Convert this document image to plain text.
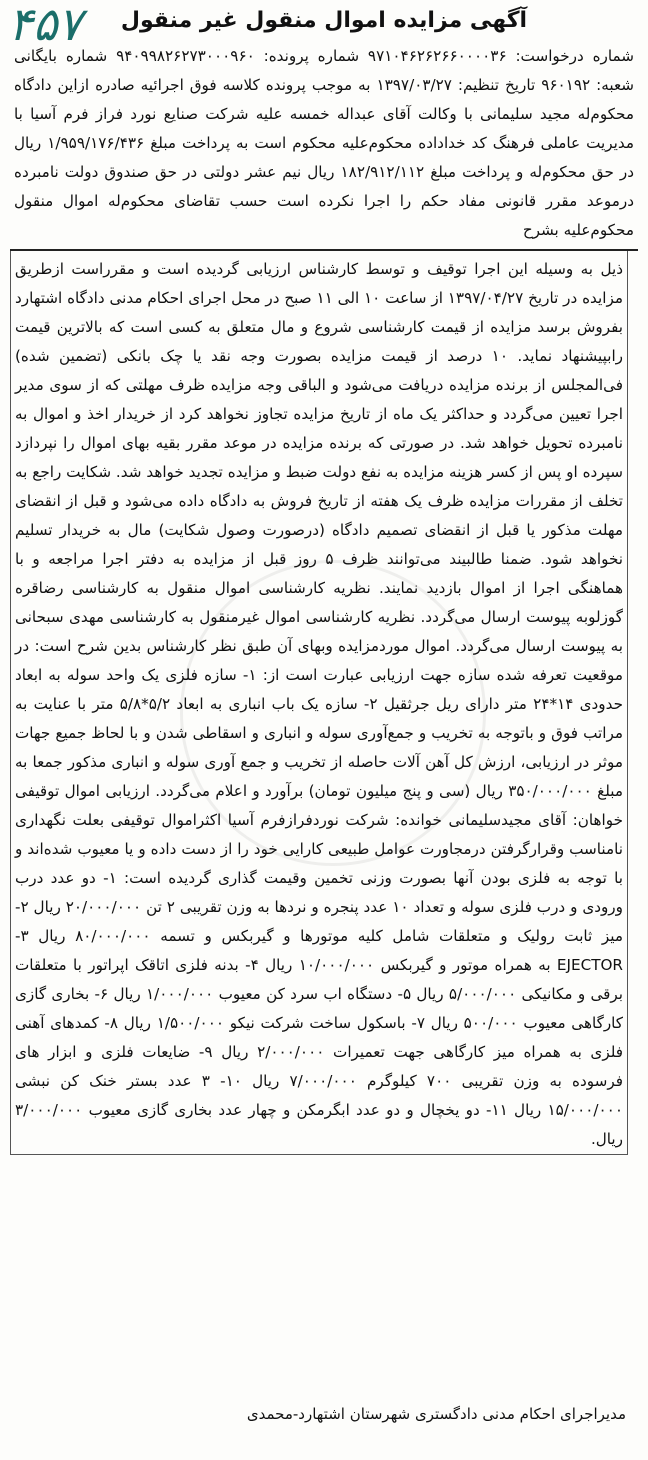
۴۵۷	آگهی مزایده اموال منقول غیر منقول

شماره درخواست: ۹۷۱۰۴۶۲۶۲۶۶۰۰۰۰۳۶ شماره پرونده: ۹۴۰۹۹۸۲۶۲۷۳۰۰۰۹۶۰ شماره بایگانی شعبه: ۹۶۰۱۹۲ تاریخ تنظیم: ۱۳۹۷/۰۳/۲۷ به موجب پرونده کلاسه فوق اجرائیه صادره ازاین دادگاه محکوم‌له مجید سلیمانی با وکالت آقای عبداله خمسه علیه شرکت صنایع نورد فراز فرم آسیا با مدیریت عاملی فرهنگ کد خداداده محکوم‌علیه محکوم است به پرداخت مبلغ ۱/۹۵۹/۱۷۶/۴۳۶ ریال در حق محکوم‌له و پرداخت مبلغ ۱۸۲/۹۱۲/۱۱۲ ریال نیم عشر دولتی در حق صندوق دولت نامبرده درموعد مقرر قانونی مفاد حکم را اجرا نکرده است حسب تقاضای محکوم‌له اموال منقول محکوم‌علیه بشرح

ذیل به وسیله این اجرا توقیف و توسط کارشناس ارزیابی گردیده است و مقرراست ازطریق مزایده در تاریخ ۱۳۹۷/۰۴/۲۷ از ساعت ۱۰ الی ۱۱ صبح در محل اجرای احکام مدنی دادگاه اشتهارد بفروش برسد مزایده از قیمت کارشناسی شروع و مال متعلق به کسی است که بالاترین قیمت رابپیشنهاد نماید. ۱۰ درصد از قیمت مزایده بصورت وجه نقد یا چک بانکی (تضمین شده) فی‌المجلس از برنده مزایده دریافت می‌شود و الباقی وجه مزایده ظرف مهلتی که از سوی مدیر اجرا تعیین می‌گردد و حداکثر یک ماه از تاریخ مزایده تجاوز نخواهد کرد از خریدار اخذ و اموال به نامبرده تحویل خواهد شد. در صورتی که برنده مزایده در موعد مقرر بقیه بهای اموال را نپردازد سپرده او پس از کسر هزینه مزایده به نفع دولت ضبط و مزایده تجدید خواهد شد. شکایت راجع به تخلف از مقررات مزایده ظرف یک هفته از تاریخ فروش به دادگاه داده می‌شود و قبل از انقضای مهلت مذکور یا قبل از انقضای تصمیم دادگاه (درصورت وصول شکایت) مال به خریدار تسلیم نخواهد شود. ضمنا طالبیند می‌توانند ظرف ۵ روز قبل از مزایده به دفتر اجرا مراجعه و با هماهنگی اجرا از اموال بازدید نمایند. نظریه کارشناسی اموال منقول به کارشناسی رضاقره گوزلوبه پیوست ارسال می‌گردد. نظریه کارشناسی اموال غیرمنقول به کارشناسی مهدی سبحانی به پیوست ارسال می‌گردد. اموال موردمزایده وبهای آن طبق نظر کارشناس بدین شرح است: در موقعیت تعرفه شده سازه جهت ارزیابی عبارت است از: ۱- سازه فلزی یک واحد سوله به ابعاد حدودی ۱۴*۲۴ متر دارای ریل جرثقیل ۲- سازه یک باب انباری به ابعاد ۵/۲*۵/۸ متر با عنایت به مراتب فوق و باتوجه به تخریب و جمع‌آوری سوله و انباری و اسقاطی شدن و با لحاظ جمیع جهات موثر در ارزیابی، ارزش کل آهن آلات حاصله از تخریب و جمع آوری سوله و انباری مذکور جمعا به مبلغ ۳۵۰/۰۰۰/۰۰۰ ریال (سی و پنج میلیون تومان) برآورد و اعلام می‌گردد. ارزیابی اموال توقیفی خواهان: آقای مجیدسلیمانی خوانده: شرکت نوردفرازفرم آسیا اکثراموال توقیفی بعلت نگهداری نامناسب وقرارگرفتن درمجاورت عوامل طبیعی کارایی خود را از دست داده و یا معیوب شده‌اند و با توجه به فلزی بودن آنها بصورت وزنی تخمین وقیمت گذاری گردیده است: ۱- دو عدد درب ورودی و درب فلزی سوله و تعداد ۱۰ عدد پنجره و نردها به وزن تقریبی ۲ تن ۲۰/۰۰۰/۰۰۰ ریال ۲- میز ثابت رولیک و متعلقات شامل کلیه موتورها و گیربکس و تسمه ۸۰/۰۰۰/۰۰۰ ریال ۳- EJECTOR به همراه موتور و گیربکس ۱۰/۰۰۰/۰۰۰ ریال ۴- بدنه فلزی اتاقک اپراتور با متعلقات برقی و مکانیکی ۵/۰۰۰/۰۰۰ ریال ۵- دستگاه اب سرد کن معیوب ۱/۰۰۰/۰۰۰ ریال ۶- بخاری گازی کارگاهی معیوب ۵۰۰/۰۰۰ ریال ۷- باسکول ساخت شرکت نیکو ۱/۵۰۰/۰۰۰ ریال ۸- کمدهای آهنی فلزی به همراه میز کارگاهی جهت تعمیرات ۲/۰۰۰/۰۰۰ ریال ۹- ضایعات فلزی و ابزار های فرسوده به وزن تقریبی ۷۰۰ کیلوگرم ۷/۰۰۰/۰۰۰ ریال ۱۰- ۳ عدد بستر خنک کن نبشی ۱۵/۰۰۰/۰۰۰ ریال ۱۱- دو یخچال و دو عدد ابگرمکن و چهار عدد بخاری گازی معیوب ۳/۰۰۰/۰۰۰ ریال.

مدیراجرای احکام مدنی دادگستری شهرستان اشتهارد-محمدی
